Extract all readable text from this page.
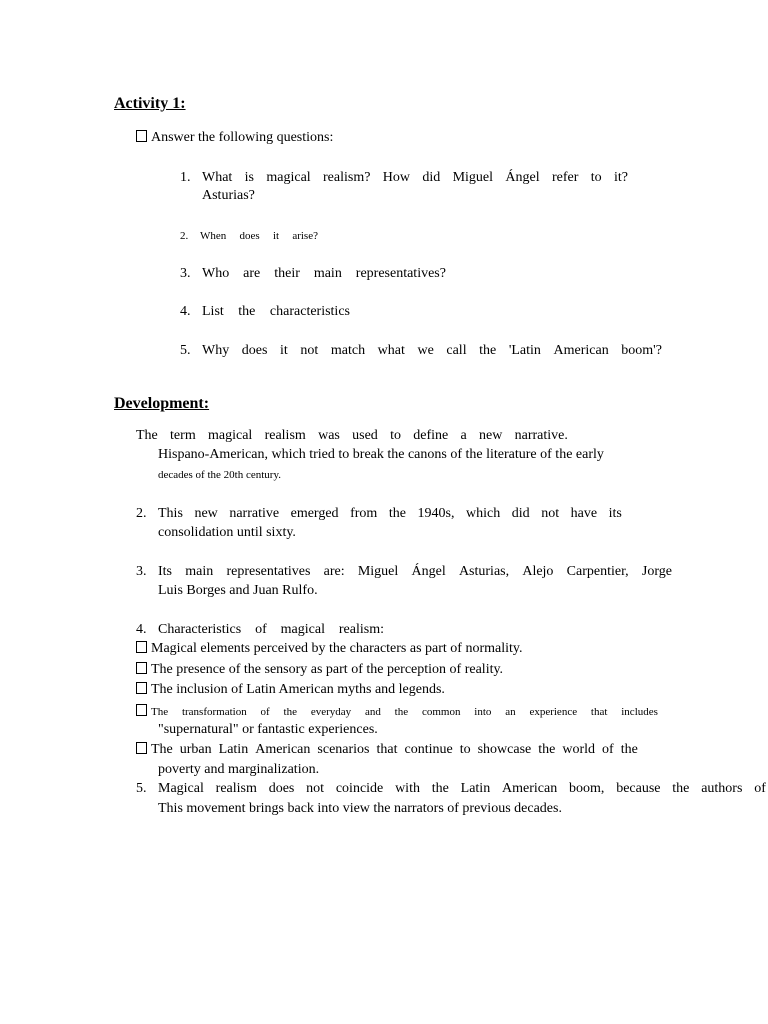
Activity 1:
Answer the following questions:
1. What is magical realism? How did Miguel Ángel refer to it?
Asturias?
2. When does it arise?
3. Who are their main representatives?
4. List the characteristics
5. Why does it not match what we call the 'Latin American boom'?
Development:
The term magical realism was used to define a new narrative.
Hispano-American, which tried to break the canons of the literature of the early
decades of the 20th century.
2. This new narrative emerged from the 1940s, which did not have its
consolidation until sixty.
3. Its main representatives are: Miguel Ángel Asturias, Alejo Carpentier, Jorge
Luis Borges and Juan Rulfo.
4. Characteristics of magical realism:
Magical elements perceived by the characters as part of normality.
The presence of the sensory as part of the perception of reality.
The inclusion of Latin American myths and legends.
The transformation of the everyday and the common into an experience that includes
"supernatural" or fantastic experiences.
The urban Latin American scenarios that continue to showcase the world of the
poverty and marginalization.
5. Magical realism does not coincide with the Latin American boom, because the authors of
This movement brings back into view the narrators of previous decades.
